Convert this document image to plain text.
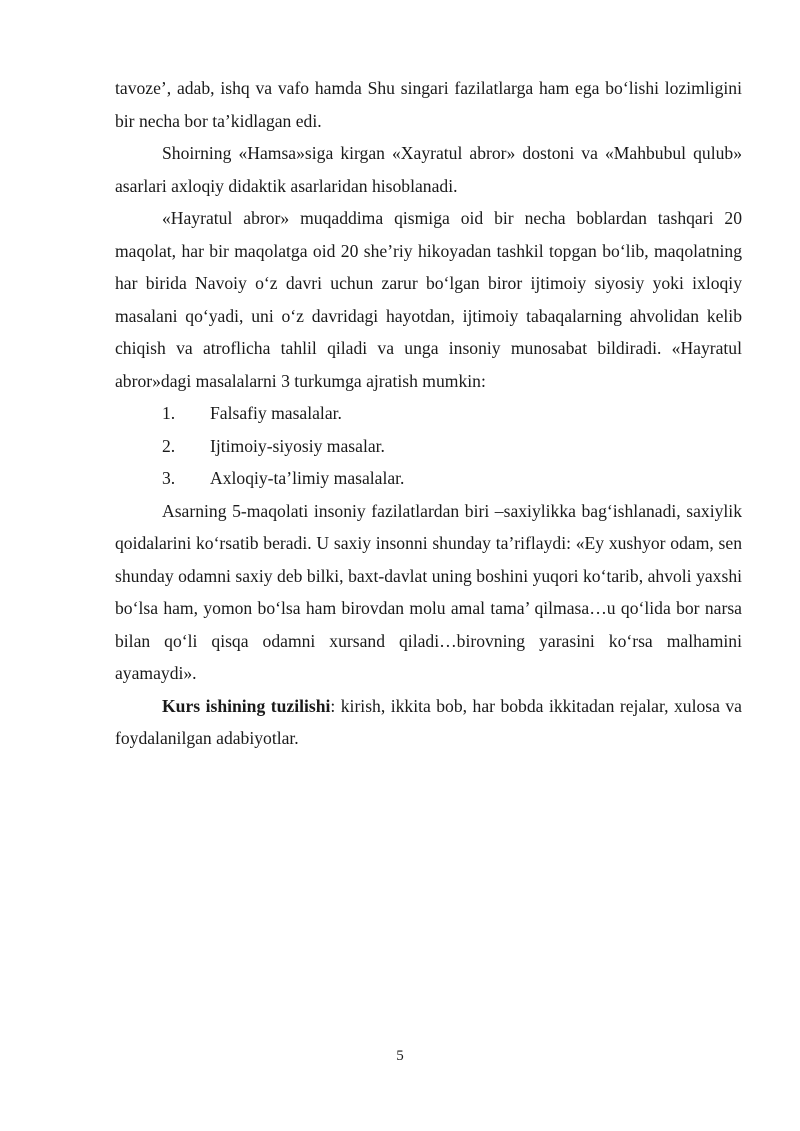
tavoze’, adab, ishq va vafo hamda Shu singari fazilatlarga ham ega bo‘lishi lozimligini bir necha bor ta’kidlagan edi.

Shoirning «Hamsa»siga kirgan «Xayratul abror» dostoni va «Mahbubul qulub» asarlari axloqiy didaktik asarlaridan hisoblanadi.

«Hayratul abror» muqaddima qismiga oid bir necha boblardan tashqari 20 maqolat, har bir maqolatga oid 20 she’riy hikoyadan tashkil topgan bo‘lib, maqolatning har birida Navoiy o‘z davri uchun zarur bo‘lgan biror ijtimoiy siyosiy yoki ixloqiy masalani qo‘yadi, uni o‘z davridagi hayotdan, ijtimoiy tabaqalarning ahvolidan kelib chiqish va atroflicha tahlil qiladi va unga insoniy munosabat bildiradi. «Hayratul abror»dagi masalalarni 3 turkumga ajratish mumkin:

1. Falsafiy masalalar.
2. Ijtimoiy-siyosiy masalar.
3. Axloqiy-ta’limiy masalalar.

Asarning 5-maqolati insoniy fazilatlardan biri –saxiylikka bag‘ishlanadi, saxiylik qoidalarini ko‘rsatib beradi. U saxiy insonni shunday ta’riflaydi: «Ey xushyor odam, sen shunday odamni saxiy deb bilki, baxt-davlat uning boshini yuqori ko‘tarib, ahvoli yaxshi bo‘lsa ham, yomon bo‘lsa ham birovdan molu amal tama’ qilmasa…u qo‘lida bor narsa bilan qo‘li qisqa odamni xursand qiladi…birovning yarasini ko‘rsa malhamini ayamaydi».

Kurs ishining tuzilishi: kirish, ikkita bob, har bobda ikkitadan rejalar, xulosa va foydalanilgan adabiyotlar.

5
